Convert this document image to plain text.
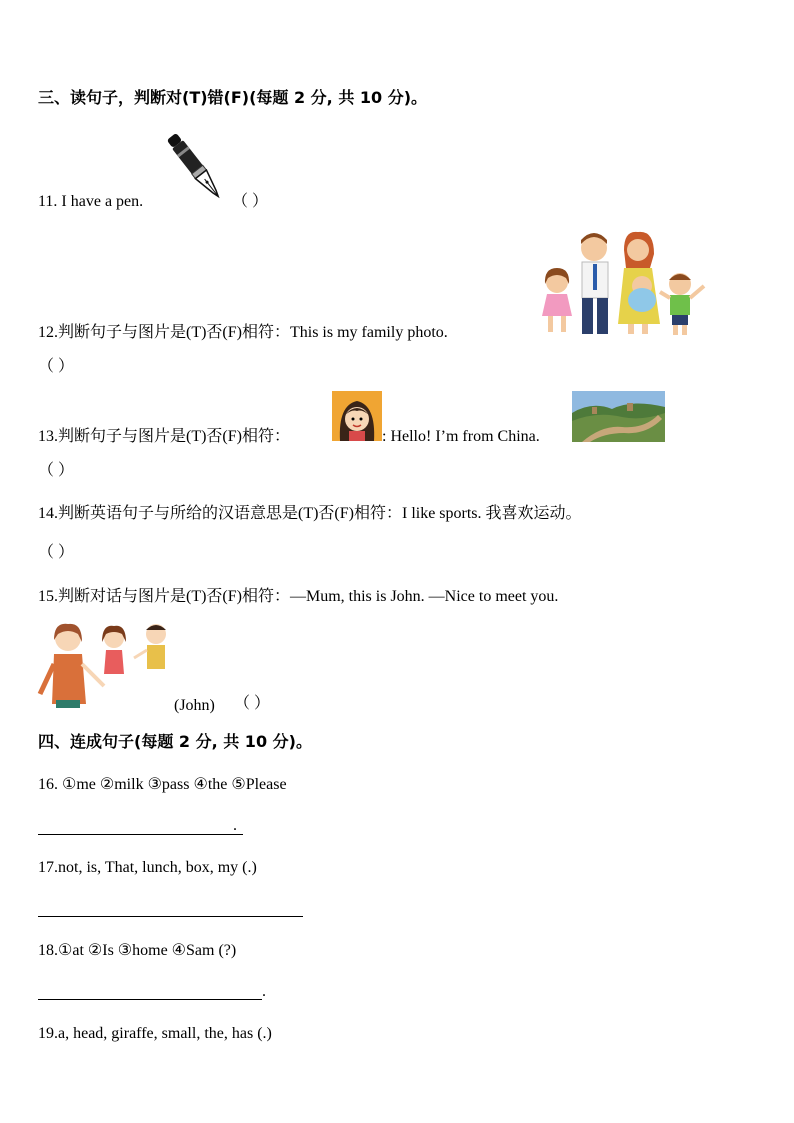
三、读句子，判断对(T)错(F)(每题 2 分, 共 10 分)。
11. I have a pen.	（ ）
12.判断句子与图片是(T)否(F)相符：This is my family photo.
（ ）
13.判断句子与图片是(T)否(F)相符：	: Hello! I’m from China.
（ ）
14.判断英语句子与所给的汉语意思是(T)否(F)相符：I like sports. 我喜欢运动。
（ ）
15.判断对话与图片是(T)否(F)相符：—Mum, this is John. —Nice to meet you.
(John) （ ）
四、连成句子(每题 2 分, 共 10 分)。
16. ①me ②milk ③pass ④the ⑤Please
.
17.not, is, That, lunch, box, my (.)
18.①at ②Is ③home ④Sam (?)
.
19.a, head, giraffe, small, the, has (.)
